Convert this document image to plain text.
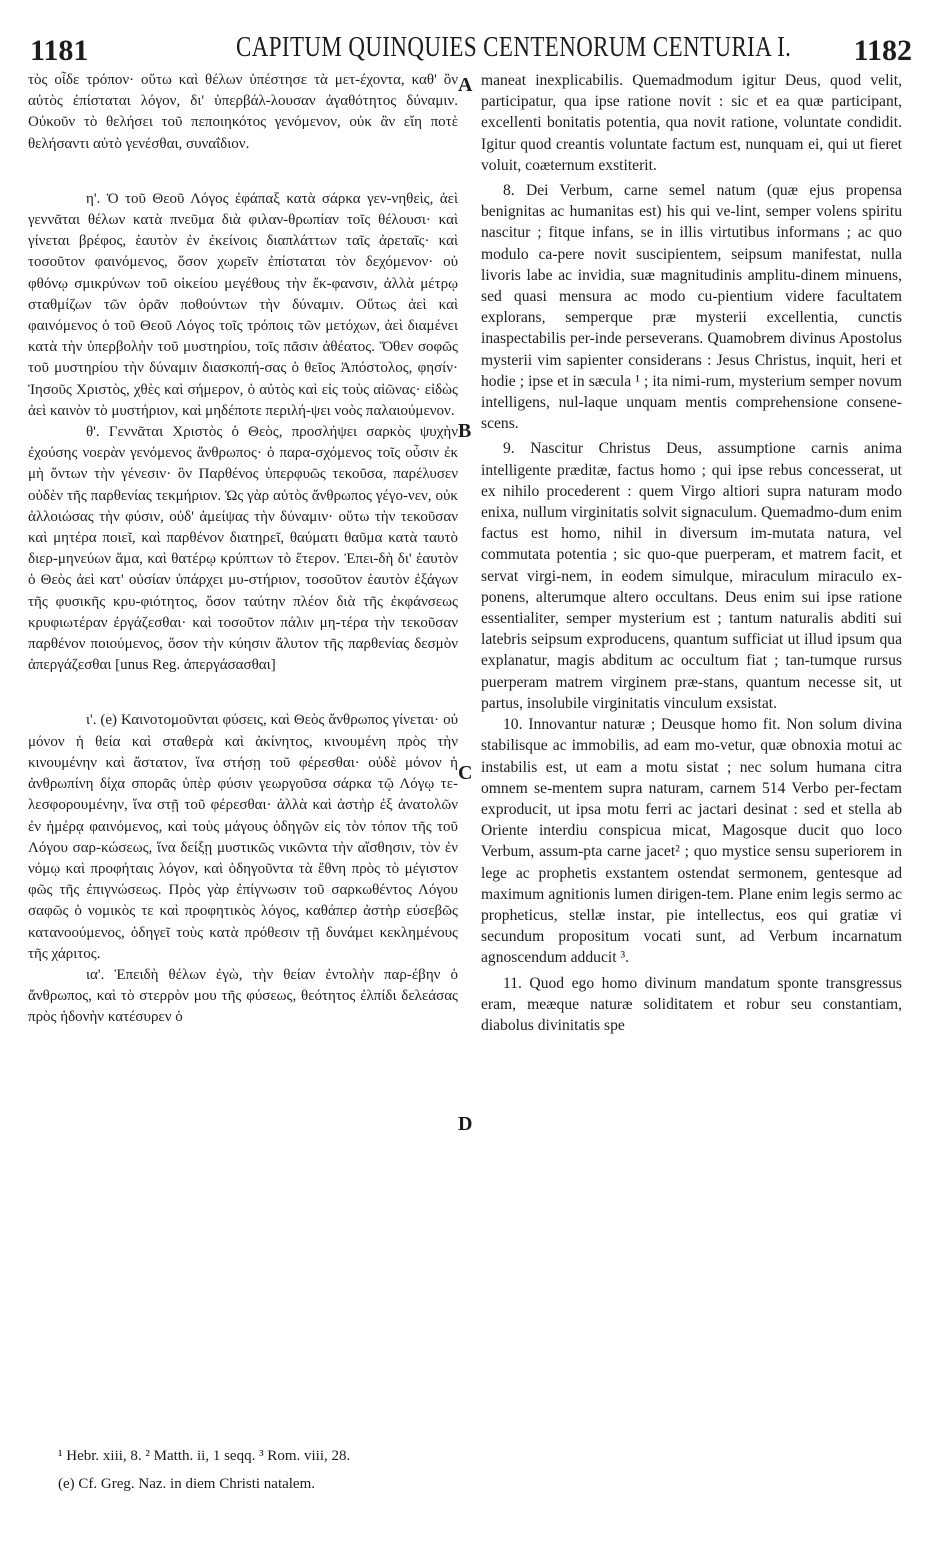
1181	CAPITUM QUINQUIES CENTENORUM CENTURIA I. 1182

τὸς οἶδε τρόπον· οὕτω καὶ θέλων ὑπέστησε τὰ μετ-έχοντα, καθ' ὃν αὐτὸς ἐπίσταται λόγον, δι' ὑπερβάλ-λουσαν ἀγαθότητος δύναμιν. Οὐκοῦν τὸ θελήσει τοῦ πεποιηκότος γενόμενον, οὐκ ἂν εἴη ποτὲ θελήσαντι αὐτὸ γενέσθαι, συναΐδιον.

η'. Ὁ τοῦ Θεοῦ Λόγος ἐφάπαξ κατὰ σάρκα γεν-νηθεὶς, ἀεὶ γεννᾶται θέλων κατὰ πνεῦμα διὰ φιλαν-θρωπίαν τοῖς θέλουσι· καὶ γίνεται βρέφος, ἑαυτὸν ἐν ἐκείνοις διαπλάττων ταῖς ἀρεταῖς· καὶ τοσοῦτον φαινόμενος, ὅσον χωρεῖν ἐπίσταται τὸν δεχόμενον· οὐ φθόνῳ σμικρύνων τοῦ οἰκείου μεγέθους τὴν ἔκ-φανσιν, ἀλλὰ μέτρῳ σταθμίζων τῶν ὁρᾶν ποθούντων τὴν δύναμιν. Οὕτως ἀεὶ καὶ φαινόμενος ὁ τοῦ Θεοῦ Λόγος τοῖς τρόποις τῶν μετόχων, ἀεὶ διαμένει κατὰ τὴν ὑπερβολὴν τοῦ μυστηρίου, τοῖς πᾶσιν ἀθέατος. Ὅθεν σοφῶς τοῦ μυστηρίου τὴν δύναμιν διασκοπή-σας ὁ θεῖος Ἀπόστολος, φησίν· Ἰησοῦς Χριστὸς, χθὲς καὶ σήμερον, ὁ αὐτὸς καὶ εἰς τοὺς αἰῶνας· εἰδὼς ἀεὶ καινὸν τὸ μυστήριον, καὶ μηδέποτε περιλή-ψει νοὸς παλαιούμενον.

θ'. Γεννᾶται Χριστὸς ὁ Θεὸς, προσλήψει σαρκὸς ψυχὴν ἐχούσης νοερὰν γενόμενος ἄνθρωπος· ὁ παρα-σχόμενος τοῖς οὖσιν ἐκ μὴ ὄντων τὴν γένεσιν· ὃν Παρθένος ὑπερφυῶς τεκοῦσα, παρέλυσεν οὐδὲν τῆς παρθενίας τεκμήριον. Ὡς γὰρ αὐτὸς ἄνθρωπος γέγο-νεν, οὐκ ἀλλοιώσας τὴν φύσιν, οὐδ' ἀμείψας τὴν δύναμιν· οὕτω τὴν τεκοῦσαν καὶ μητέρα ποιεῖ, καὶ παρθένον διατηρεῖ, θαύματι θαῦμα κατὰ ταυτὸ διερ-μηνεύων ἅμα, καὶ θατέρῳ κρύπτων τὸ ἕτερον. Ἐπει-δὴ δι' ἑαυτὸν ὁ Θεὸς ἀεὶ κατ' οὐσίαν ὑπάρχει μυ-στήριον, τοσοῦτον ἑαυτὸν ἐξάγων τῆς φυσικῆς κρυ-φιότητος, ὅσον ταύτην πλέον διὰ τῆς ἐκφάνσεως κρυφιωτέραν ἐργάζεσθαι· καὶ τοσοῦτον πάλιν μη-τέρα τὴν τεκοῦσαν παρθένον ποιούμενος, ὅσον τὴν κύησιν ἄλυτον τῆς παρθενίας δεσμὸν ἀπεργάζεσθαι [unus Reg. ἀπεργάσασθαι]

ι'. (e) Καινοτομοῦνται φύσεις, καὶ Θεὸς ἄνθρωπος γίνεται· οὐ μόνον ἡ θεία καὶ σταθερὰ καὶ ἀκίνητος, κινουμένη πρὸς τὴν κινουμένην καὶ ἄστατον, ἵνα στήσῃ τοῦ φέρεσθαι· οὐδὲ μόνον ἡ ἀνθρωπίνη δίχα σπορᾶς ὑπὲρ φύσιν γεωργοῦσα σάρκα τῷ Λόγῳ τε-λεσφορουμένην, ἵνα στῇ τοῦ φέρεσθαι· ἀλλὰ καὶ ἀστὴρ ἐξ ἀνατολῶν ἐν ἡμέρᾳ φαινόμενος, καὶ τοὺς μάγους ὁδηγῶν εἰς τὸν τόπον τῆς τοῦ Λόγου σαρ-κώσεως, ἵνα δείξῃ μυστικῶς νικῶντα τὴν αἴσθησιν, τὸν ἐν νόμῳ καὶ προφήταις λόγον, καὶ ὁδηγοῦντα τὰ ἔθνη πρὸς τὸ μέγιστον φῶς τῆς ἐπιγνώσεως. Πρὸς γὰρ ἐπίγνωσιν τοῦ σαρκωθέντος Λόγου σαφῶς ὁ νομικὸς τε καὶ προφητικὸς λόγος, καθάπερ ἀστὴρ εὐσεβῶς κατανοούμενος, ὁδηγεῖ τοὺς κατὰ πρόθεσιν τῇ δυνάμει κεκλημένους τῆς χάριτος.

ια'. Ἐπειδὴ θέλων ἐγὼ, τὴν θείαν ἐντολὴν παρ-έβην ὁ ἄνθρωπος, καὶ τὸ στερρὸν μου τῆς φύσεως, θεότητος ἐλπίδι δελεάσας πρὸς ἡδονὴν κατέσυρεν ὁ

A
B
C
D

maneat inexplicabilis. Quemadmodum igitur Deus, quod velit, participatur, qua ipse ratione novit : sic et ea quæ participant, excellenti bonitatis potentia, qua novit ratione, voluntate condidit. Igitur quod creantis voluntate factum est, nunquam ei, qui ut fieret voluit, coæternum exstiterit.

8. Dei Verbum, carne semel natum (quæ ejus propensa benignitas ac humanitas est) his qui ve-lint, semper volens spiritu nascitur ; fitque infans, se in illis virtutibus informans ; ac quo modulo ca-pere novit suscipientem, seipsum manifestat, nulla livoris labe ac invidia, suæ magnitudinis amplitu-dinem minuens, sed quasi mensura ac modo cu-pientium videre facultatem explorans, semperque præ mysterii excellentia, cunctis inaspectabilis per-inde perseverans. Quamobrem divinus Apostolus mysterii vim sapienter considerans : Jesus Christus, inquit, heri et hodie ; ipse et in sæcula ¹ ; ita nimi-rum, mysterium semper novum intelligens, nul-laque unquam mentis comprehensione consene-scens.

9. Nascitur Christus Deus, assumptione carnis anima intelligente præditæ, factus homo ; qui ipse rebus concesserat, ut ex nihilo procederent : quem Virgo altiori supra naturam modo enixa, nullum virginitatis solvit signaculum. Quemadmo-dum enim factus est homo, nihil in diversum im-mutata natura, vel commutata potentia ; sic quo-que puerperam, et matrem facit, et servat virgi-nem, in eodem simulque, miraculum miraculo ex-ponens, alterumque altero occultans. Deus enim sui ipse ratione essentialiter, semper mysterium est ; tantum naturalis abditi sui latebris seipsum exproducens, quantum sufficiat ut illud ipsum qua explanatur, magis abditum ac occultum fiat ; tan-tumque rursus puerperam matrem virginem præ-stans, quantum necesse sit, ut partus, insolubile virginitatis vinculum exsistat.

10. Innovantur naturæ ; Deusque homo fit. Non solum divina stabilisque ac immobilis, ad eam mo-vetur, quæ obnoxia motui ac instabilis est, ut eam a motu sistat ; nec solum humana citra omnem se-mentem supra naturam, carnem 514 Verbo per-fectam exproducit, ut ipsa motu ferri ac jactari desinat : sed et stella ab Oriente interdiu conspicua micat, Magosque ducit quo loco Verbum, assum-pta carne jacet² ; quo mystice sensu superiorem in lege ac prophetis exstantem ostendat sermonem, gentesque ad maximum agnitionis lumen dirigen-tem. Plane enim legis sermo ac propheticus, stellæ instar, pie intellectus, eos qui gratiæ vi secundum propositum vocati sunt, ad Verbum incarnatum agnoscendum adducit ³.

11. Quod ego homo divinum mandatum sponte transgressus eram, meæque naturæ soliditatem et robur seu constantiam, diabolus divinitatis spe

¹ Hebr. xiii, 8. ² Matth. ii, 1 seqq. ³ Rom. viii, 28.

(e) Cf. Greg. Naz. in diem Christi natalem.
